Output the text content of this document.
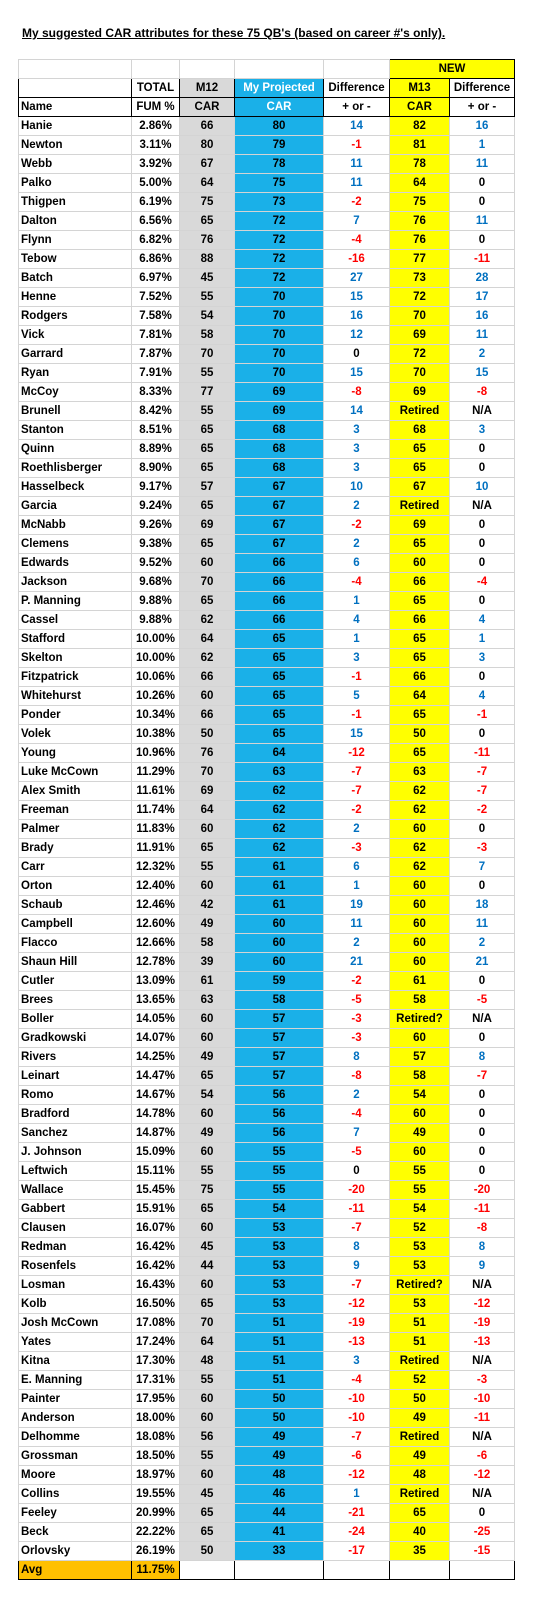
My suggested CAR attributes for these 75 QB's (based on career #'s only).
					NEW	
	TOTAL	M12	My Projected	Difference	M13	Difference
Name	FUM %	CAR	CAR	+ or -	CAR	+ or -
Hanie	2.86%	66	80	14	82	16
Newton	3.11%	80	79	-1	81	1
Webb	3.92%	67	78	11	78	11
Palko	5.00%	64	75	11	64	0
Thigpen	6.19%	75	73	-2	75	0
Dalton	6.56%	65	72	7	76	11
Flynn	6.82%	76	72	-4	76	0
Tebow	6.86%	88	72	-16	77	-11
Batch	6.97%	45	72	27	73	28
Henne	7.52%	55	70	15	72	17
Rodgers	7.58%	54	70	16	70	16
Vick	7.81%	58	70	12	69	11
Garrard	7.87%	70	70	0	72	2
Ryan	7.91%	55	70	15	70	15
McCoy	8.33%	77	69	-8	69	-8
Brunell	8.42%	55	69	14	Retired	N/A
Stanton	8.51%	65	68	3	68	3
Quinn	8.89%	65	68	3	65	0
Roethlisberger	8.90%	65	68	3	65	0
Hasselbeck	9.17%	57	67	10	67	10
Garcia	9.24%	65	67	2	Retired	N/A
McNabb	9.26%	69	67	-2	69	0
Clemens	9.38%	65	67	2	65	0
Edwards	9.52%	60	66	6	60	0
Jackson	9.68%	70	66	-4	66	-4
P. Manning	9.88%	65	66	1	65	0
Cassel	9.88%	62	66	4	66	4
Stafford	10.00%	64	65	1	65	1
Skelton	10.00%	62	65	3	65	3
Fitzpatrick	10.06%	66	65	-1	66	0
Whitehurst	10.26%	60	65	5	64	4
Ponder	10.34%	66	65	-1	65	-1
Volek	10.38%	50	65	15	50	0
Young	10.96%	76	64	-12	65	-11
Luke McCown	11.29%	70	63	-7	63	-7
Alex Smith	11.61%	69	62	-7	62	-7
Freeman	11.74%	64	62	-2	62	-2
Palmer	11.83%	60	62	2	60	0
Brady	11.91%	65	62	-3	62	-3
Carr	12.32%	55	61	6	62	7
Orton	12.40%	60	61	1	60	0
Schaub	12.46%	42	61	19	60	18
Campbell	12.60%	49	60	11	60	11
Flacco	12.66%	58	60	2	60	2
Shaun Hill	12.78%	39	60	21	60	21
Cutler	13.09%	61	59	-2	61	0
Brees	13.65%	63	58	-5	58	-5
Boller	14.05%	60	57	-3	Retired?	N/A
Gradkowski	14.07%	60	57	-3	60	0
Rivers	14.25%	49	57	8	57	8
Leinart	14.47%	65	57	-8	58	-7
Romo	14.67%	54	56	2	54	0
Bradford	14.78%	60	56	-4	60	0
Sanchez	14.87%	49	56	7	49	0
J. Johnson	15.09%	60	55	-5	60	0
Leftwich	15.11%	55	55	0	55	0
Wallace	15.45%	75	55	-20	55	-20
Gabbert	15.91%	65	54	-11	54	-11
Clausen	16.07%	60	53	-7	52	-8
Redman	16.42%	45	53	8	53	8
Rosenfels	16.42%	44	53	9	53	9
Losman	16.43%	60	53	-7	Retired?	N/A
Kolb	16.50%	65	53	-12	53	-12
Josh McCown	17.08%	70	51	-19	51	-19
Yates	17.24%	64	51	-13	51	-13
Kitna	17.30%	48	51	3	Retired	N/A
E. Manning	17.31%	55	51	-4	52	-3
Painter	17.95%	60	50	-10	50	-10
Anderson	18.00%	60	50	-10	49	-11
Delhomme	18.08%	56	49	-7	Retired	N/A
Grossman	18.50%	55	49	-6	49	-6
Moore	18.97%	60	48	-12	48	-12
Collins	19.55%	45	46	1	Retired	N/A
Feeley	20.99%	65	44	-21	65	0
Beck	22.22%	65	41	-24	40	-25
Orlovsky	26.19%	50	33	-17	35	-15
Avg	11.75%					
